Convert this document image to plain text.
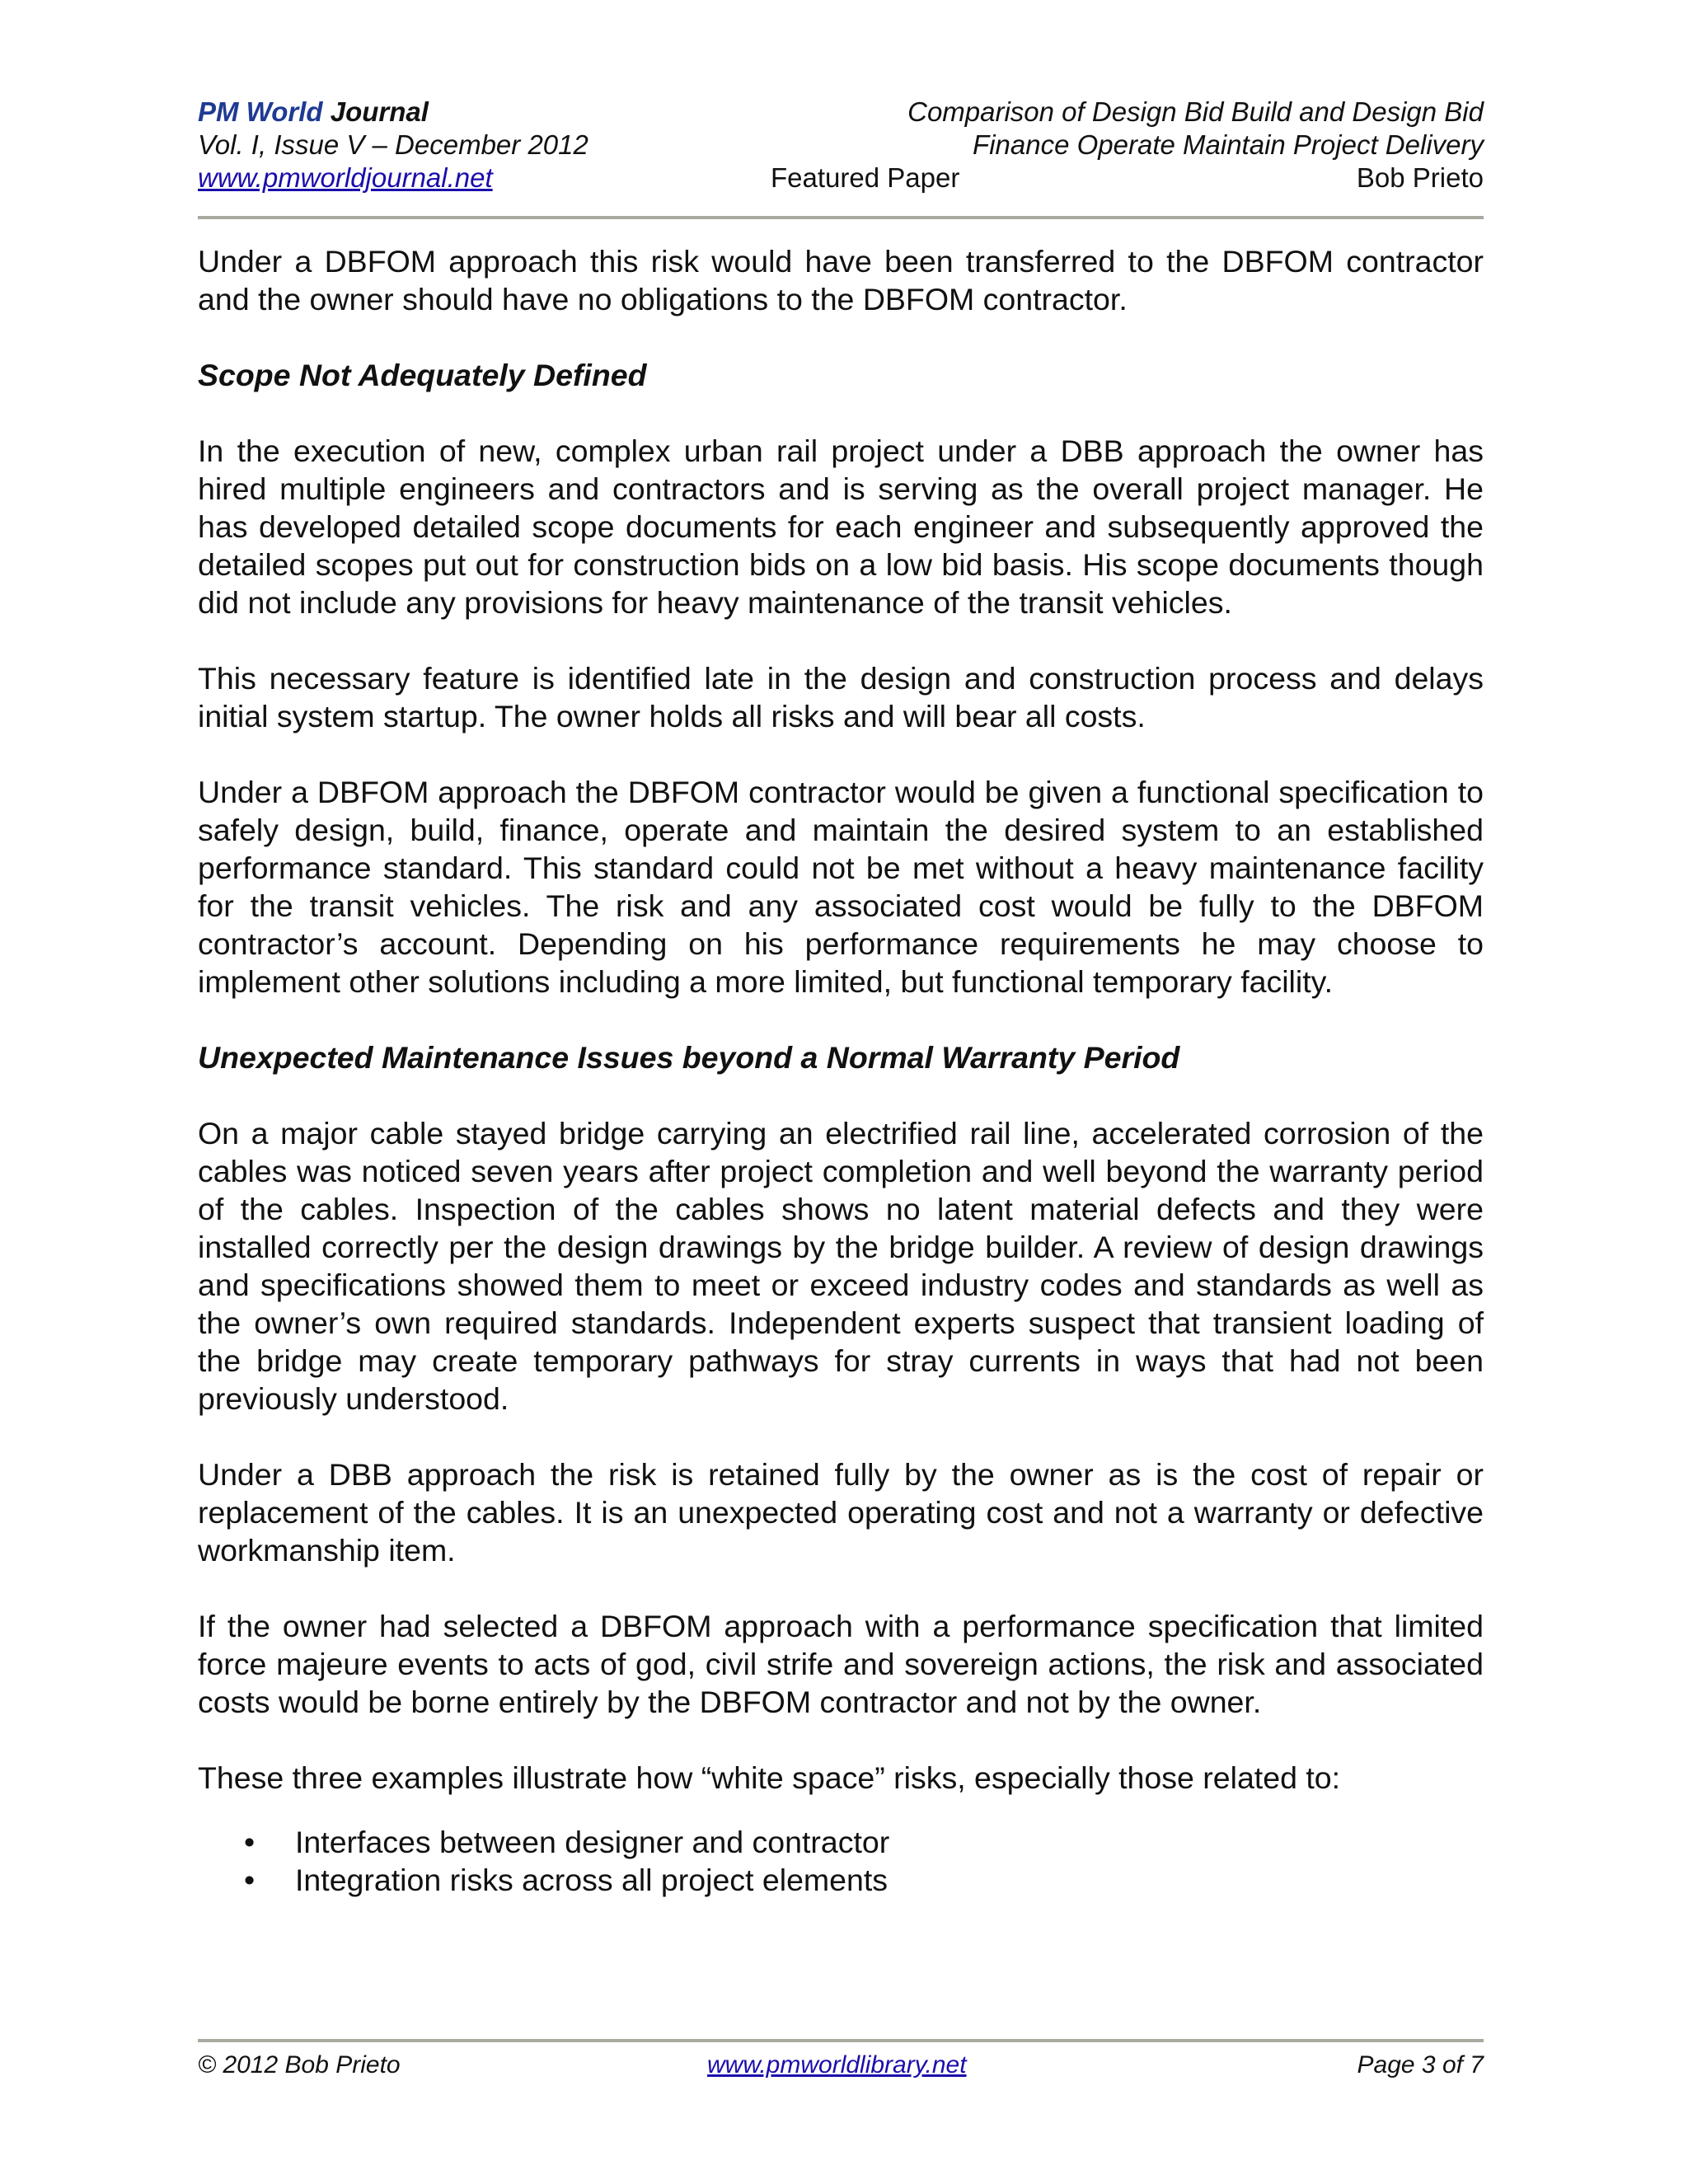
PM World Journal
Vol. I, Issue V – December 2012
www.pmworldjournal.net
Comparison of Design Bid Build and Design Bid
Finance Operate Maintain Project Delivery
Featured Paper	Bob Prieto

Under a DBFOM approach this risk would have been transferred to the DBFOM contractor and the owner should have no obligations to the DBFOM contractor.

Scope Not Adequately Defined

In the execution of new, complex urban rail project under a DBB approach the owner has hired multiple engineers and contractors and is serving as the overall project manager. He has developed detailed scope documents for each engineer and subsequently approved the detailed scopes put out for construction bids on a low bid basis. His scope documents though did not include any provisions for heavy maintenance of the transit vehicles.

This necessary feature is identified late in the design and construction process and delays initial system startup. The owner holds all risks and will bear all costs.

Under a DBFOM approach the DBFOM contractor would be given a functional specification to safely design, build, finance, operate and maintain the desired system to an established performance standard. This standard could not be met without a heavy maintenance facility for the transit vehicles. The risk and any associated cost would be fully to the DBFOM contractor’s account. Depending on his performance requirements he may choose to implement other solutions including a more limited, but functional temporary facility.

Unexpected Maintenance Issues beyond a Normal Warranty Period

On a major cable stayed bridge carrying an electrified rail line, accelerated corrosion of the cables was noticed seven years after project completion and well beyond the warranty period of the cables. Inspection of the cables shows no latent material defects and they were installed correctly per the design drawings by the bridge builder. A review of design drawings and specifications showed them to meet or exceed industry codes and standards as well as the owner’s own required standards. Independent experts suspect that transient loading of the bridge may create temporary pathways for stray currents in ways that had not been previously understood.

Under a DBB approach the risk is retained fully by the owner as is the cost of repair or replacement of the cables. It is an unexpected operating cost and not a warranty or defective workmanship item.

If the owner had selected a DBFOM approach with a performance specification that limited force majeure events to acts of god, civil strife and sovereign actions, the risk and associated costs would be borne entirely by the DBFOM contractor and not by the owner.

These three examples illustrate how “white space” risks, especially those related to:

• Interfaces between designer and contractor
• Integration risks across all project elements
© 2012 Bob Prieto	www.pmworldlibrary.net	Page 3 of 7
